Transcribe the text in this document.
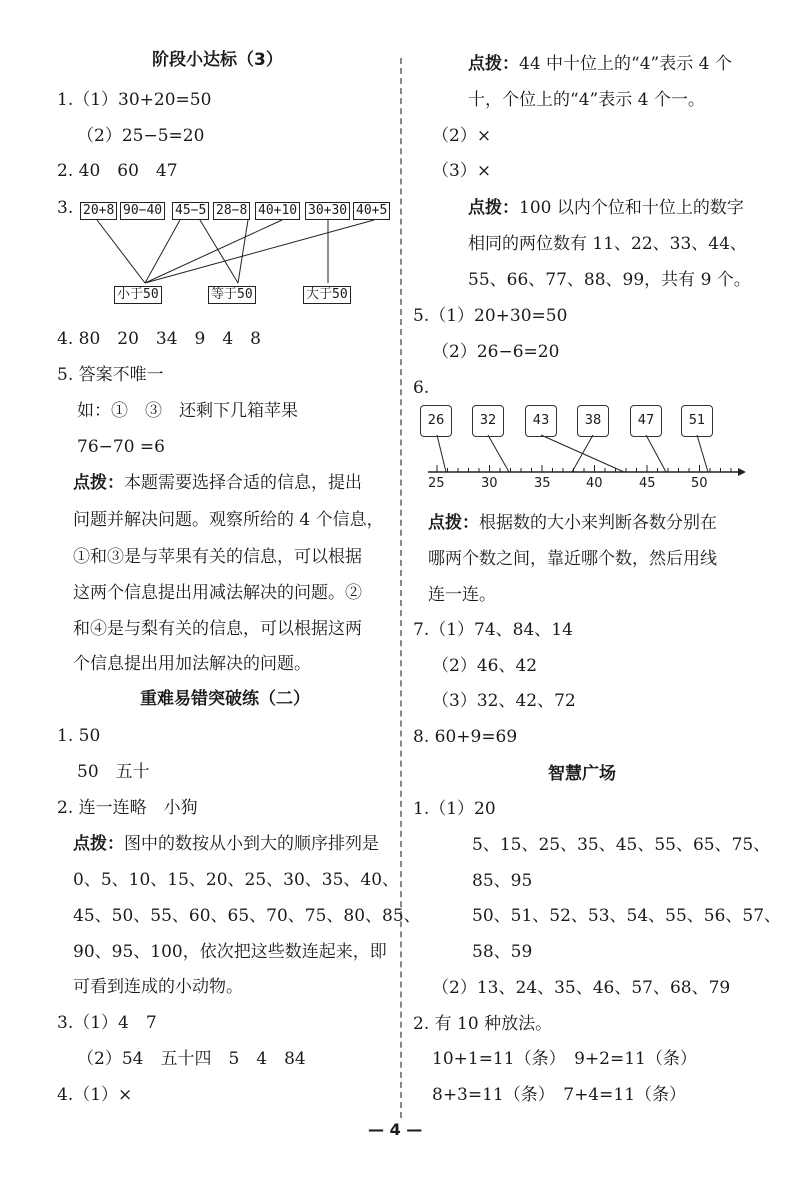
阶段小达标（3）
1.（1）30+20=50
（2）25−5=20
2. 40　60　47
3. 20+8 90−40 45−5 28−8 40+10 30+30 40+5
小于50	等于50	大于50
4. 80　20　34　9　4　8
5. 答案不唯一
如：①　③　还剩下几箱苹果
76−70 =6
点拨：本题需要选择合适的信息，提出
问题并解决问题。观察所给的 4 个信息，
①和③是与苹果有关的信息，可以根据
这两个信息提出用减法解决的问题。②
和④是与梨有关的信息，可以根据这两
个信息提出用加法解决的问题。
重难易错突破练（二）
1. 50
50　五十
2. 连一连略　小狗
点拨：图中的数按从小到大的顺序排列是
0、5、10、15、20、25、30、35、40、
45、50、55、60、65、70、75、80、85、
90、95、100，依次把这些数连起来，即
可看到连成的小动物。
3.（1）4　7
（2）54　五十四　5　4　84
4.（1）×
点拨：44 中十位上的“4”表示 4 个
十，个位上的“4”表示 4 个一。
（2）×
（3）×
点拨：100 以内个位和十位上的数字
相同的两位数有 11、22、33、44、
55、66、77、88、99，共有 9 个。
5.（1）20+30=50
（2）26−6=20
6.
26	32	43	38	47	51
25	30	35	40	45	50
点拨：根据数的大小来判断各数分别在
哪两个数之间，靠近哪个数，然后用线
连一连。
7.（1）74、84、14
（2）46、42
（3）32、42、72
8. 60+9=69
智慧广场
1.（1）20
5、15、25、35、45、55、65、75、
85、95
50、51、52、53、54、55、56、57、
58、59
（2）13、24、35、46、57、68、79
2. 有 10 种放法。
10+1=11（条）　9+2=11（条）
8+3=11（条）　7+4=11（条）
— 4 —
